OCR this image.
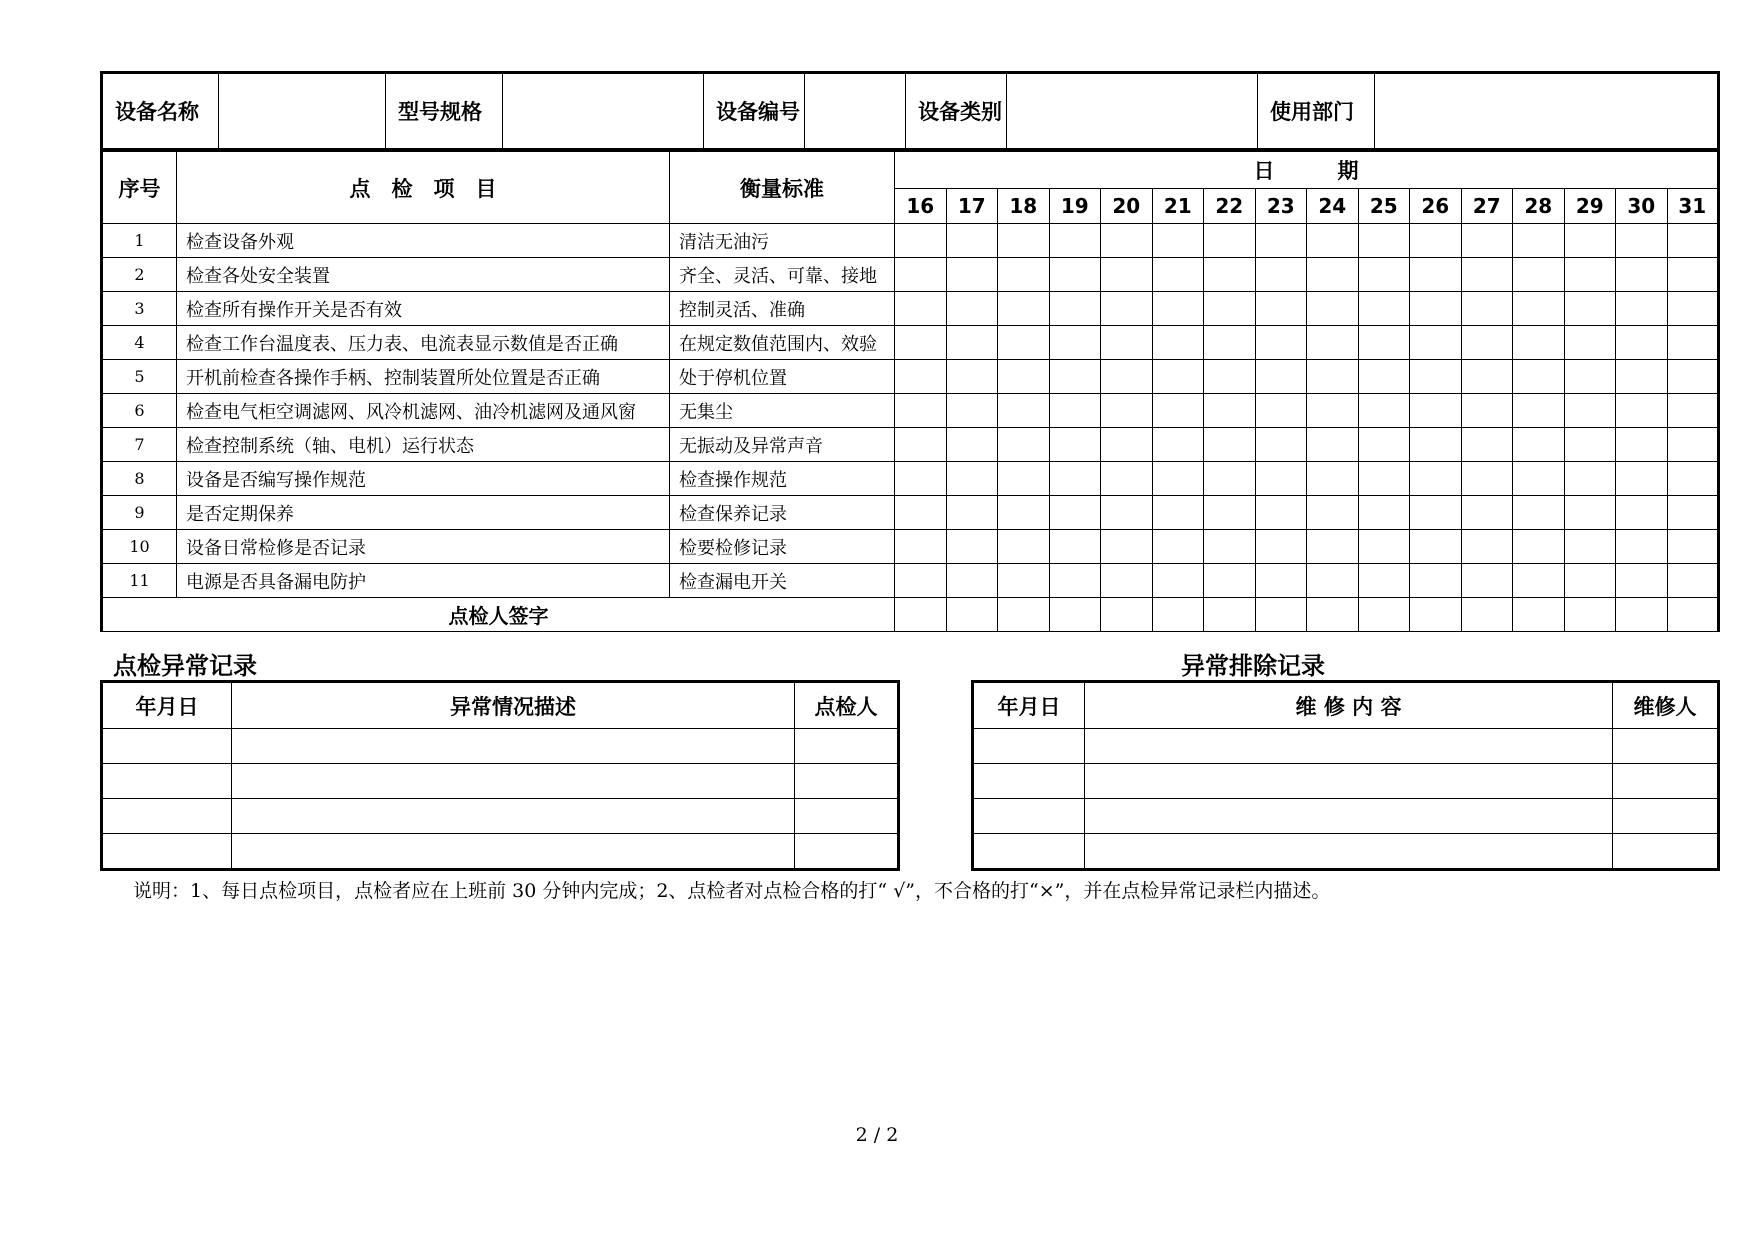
设备名称		型号规格		设备编号		设备类别		使用部门	
序号	点　检　项　目	衡量标准	日　　　期															
			16	17	18	19	20	21	22	23	24	25	26	27	28	29	30	31
1	检查设备外观	清洁无油污																
2	检查各处安全装置	齐全、灵活、可靠、接地																
3	检查所有操作开关是否有效	控制灵活、准确																
4	检查工作台温度表、压力表、电流表显示数值是否正确	在规定数值范围内、效验																
5	开机前检查各操作手柄、控制装置所处位置是否正确	处于停机位置																
6	检查电气柜空调滤网、风冷机滤网、油冷机滤网及通风窗	无集尘																
7	检查控制系统（轴、电机）运行状态	无振动及异常声音																
8	设备是否编写操作规范	检查操作规范																
9	是否定期保养	检查保养记录																
10	设备日常检修是否记录	检要检修记录																
11	电源是否具备漏电防护	检查漏电开关																
点检人签字																		
点检异常记录	异常排除记录
年月日	异常情况描述	点检人

			年月日	维 修 内 容	维修人

说明：1、每日点检项目，点检者应在上班前 30 分钟内完成；2、点检者对点检合格的打“ √”，不合格的打“×”，并在点检异常记录栏内描述。
2 / 2
